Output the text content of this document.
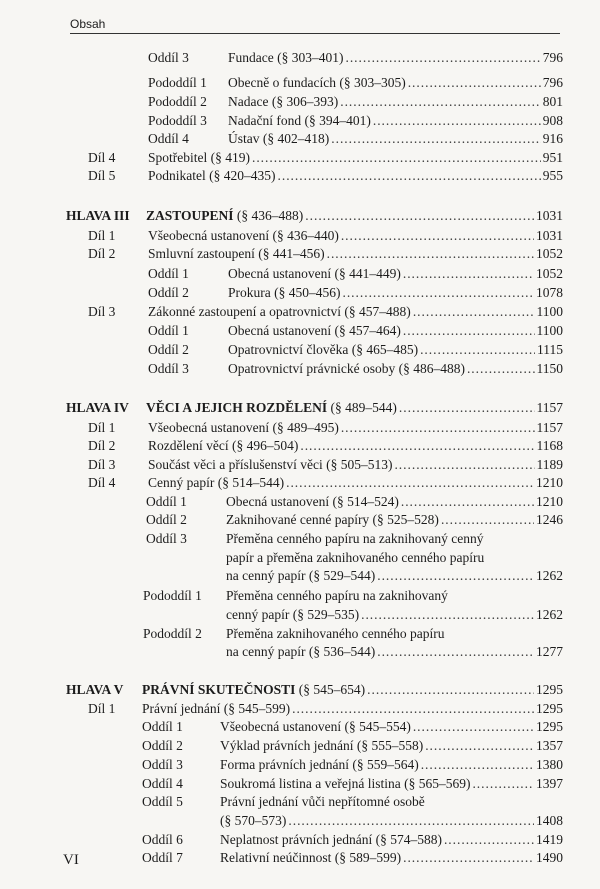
Obsah
Oddíl 3	Fundace (§ 303–401) . . .	796
Pododdíl 1 Obecně o fundacích (§ 303–305) . . .	796
Pododdíl 2 Nadace (§ 306–393) . . .	801
Pododdíl 3 Nadační fond (§ 394–401) . . .	908
Oddíl 4	Ústav (§ 402–418) . . .	916
Díl 4 Spotřebitel (§ 419) . . .	951
Díl 5 Podnikatel (§ 420–435) . . .	955
HLAVA III ZASTOUPENÍ (§ 436–488) . . .	1031
Díl 1 Všeobecná ustanovení (§ 436–440) . . .	1031
Díl 2 Smluvní zastoupení (§ 441–456) . . .	1052
Oddíl 1	Obecná ustanovení (§ 441–449) . . .	1052
Oddíl 2	Prokura (§ 450–456) . . .	1078
Díl 3 Zákonné zastoupení a opatrovnictví (§ 457–488) . . .	1100
Oddíl 1	Obecná ustanovení (§ 457–464) . . .	1100
Oddíl 2	Opatrovnictví člověka (§ 465–485) . . .	1115
Oddíl 3	Opatrovnictví právnické osoby (§ 486–488) . . .	1150
HLAVA IV VĚCI A JEJICH ROZDĚLENÍ (§ 489–544) . . .	1157
Díl 1 Všeobecná ustanovení (§ 489–495) . . .	1157
Díl 2 Rozdělení věcí (§ 496–504) . . .	1168
Díl 3 Součást věci a příslušenství věci (§ 505–513) . . .	1189
Díl 4 Cenný papír (§ 514–544) . . .	1210
Oddíl 1	Obecná ustanovení (§ 514–524) . . .	1210
Oddíl 2	Zaknihované cenné papíry (§ 525–528) . . .	1246
Oddíl 3	Přeměna cenného papíru na zaknihovaný cenný
papír a přeměna zaknihovaného cenného papíru
na cenný papír (§ 529–544) . . .	1262
Pododdíl 1 Přeměna cenného papíru na zaknihovaný
cenný papír (§ 529–535) . . .	1262
Pododdíl 2 Přeměna zaknihovaného cenného papíru
na cenný papír (§ 536–544) . . .	1277
HLAVA V PRÁVNÍ SKUTEČNOSTI (§ 545–654) . . .	1295
Díl 1 Právní jednání (§ 545–599) . . .	1295
Oddíl 1	Všeobecná ustanovení (§ 545–554) . . .	1295
Oddíl 2	Výklad právních jednání (§ 555–558) . . .	1357
Oddíl 3	Forma právních jednání (§ 559–564) . . .	1380
Oddíl 4	Soukromá listina a veřejná listina (§ 565–569) . . .	1397
Oddíl 5	Právní jednání vůči nepřítomné osobě
(§ 570–573) . . .	1408
Oddíl 6	Neplatnost právních jednání (§ 574–588) . . .	1419
Oddíl 7	Relativní neúčinnost (§ 589–599) . . .	1490
VI
